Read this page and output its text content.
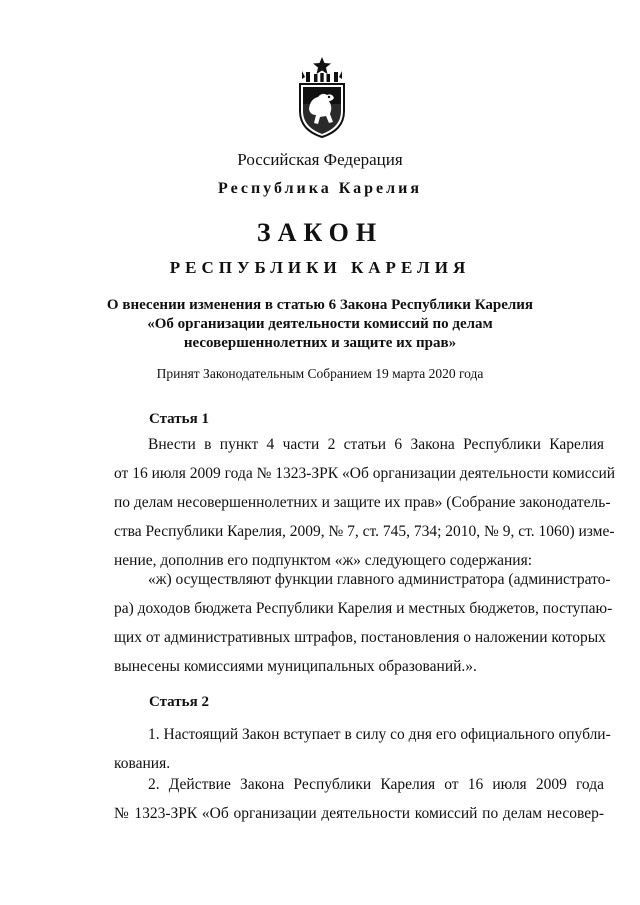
Российская Федерация
Республика Карелия
ЗАКОН
РЕСПУБЛИКИ КАРЕЛИЯ
О внесении изменения в статью 6 Закона Республики Карелия
«Об организации деятельности комиссий по делам
несовершеннолетних и защите их прав»
Принят Законодательным Собранием 19 марта 2020 года
Статья 1
Внести в пункт 4 части 2 статьи 6 Закона Республики Карелия
от 16 июля 2009 года № 1323-ЗРК «Об организации деятельности комиссий
по делам несовершеннолетних и защите их прав» (Собрание законодатель-
ства Республики Карелия, 2009, № 7, ст. 745, 734; 2010, № 9, ст. 1060) изме-
нение, дополнив его подпунктом «ж» следующего содержания:
«ж) осуществляют функции главного администратора (администрато-
ра) доходов бюджета Республики Карелия и местных бюджетов, поступаю-
щих от административных штрафов, постановления о наложении которых
вынесены комиссиями муниципальных образований.».
Статья 2
1. Настоящий Закон вступает в силу со дня его официального опубли-
кования.
2. Действие Закона Республики Карелия от 16 июля 2009 года
№ 1323-ЗРК «Об организации деятельности комиссий по делам несовер-
